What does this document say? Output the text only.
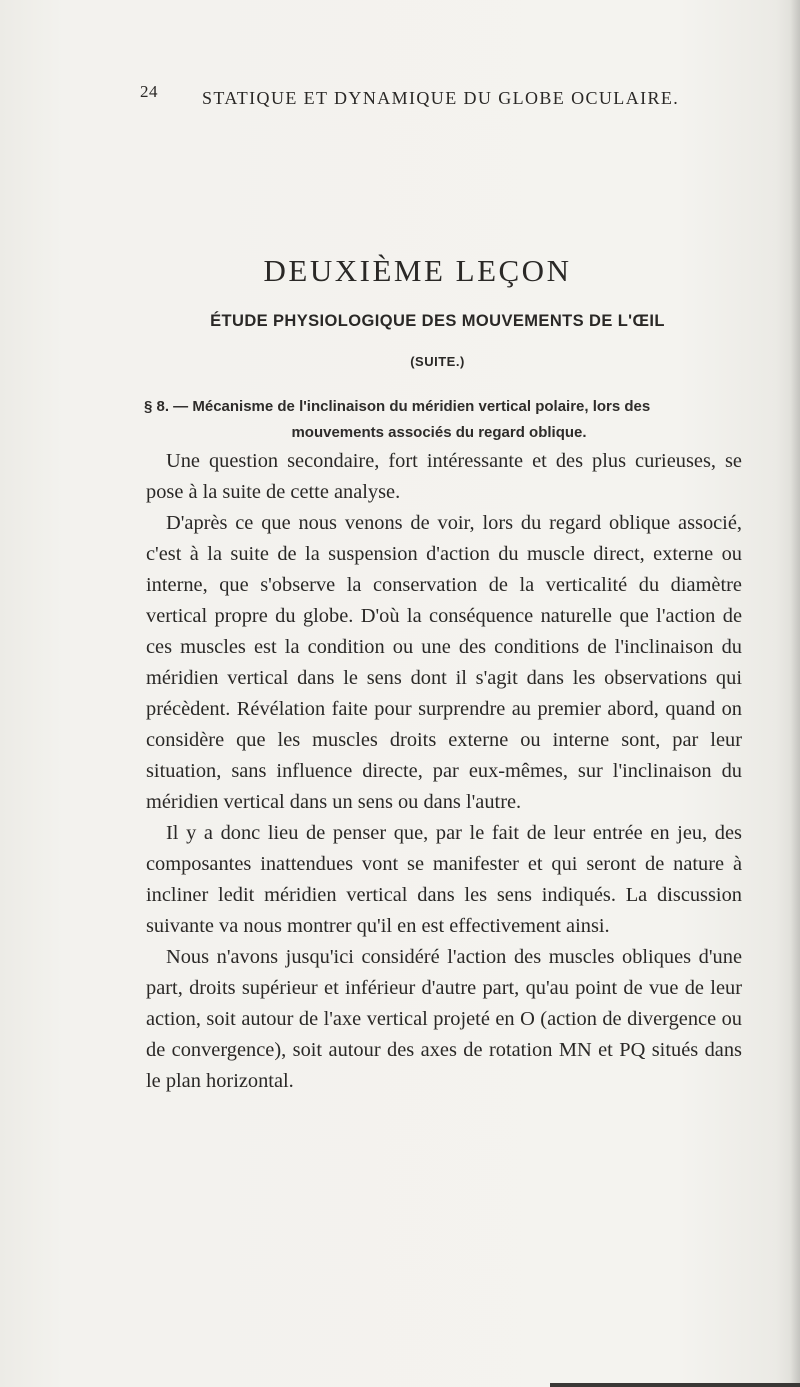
24 STATIQUE ET DYNAMIQUE DU GLOBE OCULAIRE.
DEUXIÈME LEÇON
ÉTUDE PHYSIOLOGIQUE DES MOUVEMENTS DE L'ŒIL
(SUITE.)
§ 8. — Mécanisme de l'inclinaison du méridien vertical polaire, lors des
mouvements associés du regard oblique.

Une question secondaire, fort intéressante et des plus curieuses, se pose à la suite de cette analyse.

D'après ce que nous venons de voir, lors du regard oblique associé, c'est à la suite de la suspension d'action du muscle direct, externe ou interne, que s'observe la conservation de la verticalité du diamètre vertical propre du globe. D'où la conséquence naturelle que l'action de ces muscles est la condition ou une des conditions de l'inclinaison du méridien vertical dans le sens dont il s'agit dans les observations qui précèdent. Révélation faite pour surprendre au premier abord, quand on considère que les muscles droits externe ou interne sont, par leur situation, sans influence directe, par eux-mêmes, sur l'inclinaison du méridien vertical dans un sens ou dans l'autre.

Il y a donc lieu de penser que, par le fait de leur entrée en jeu, des composantes inattendues vont se manifester et qui seront de nature à incliner ledit méridien vertical dans les sens indiqués. La discussion suivante va nous montrer qu'il en est effectivement ainsi.

Nous n'avons jusqu'ici considéré l'action des muscles obliques d'une part, droits supérieur et inférieur d'autre part, qu'au point de vue de leur action, soit autour de l'axe vertical projeté en O (action de divergence ou de convergence), soit autour des axes de rotation MN et PQ situés dans le plan horizontal.
